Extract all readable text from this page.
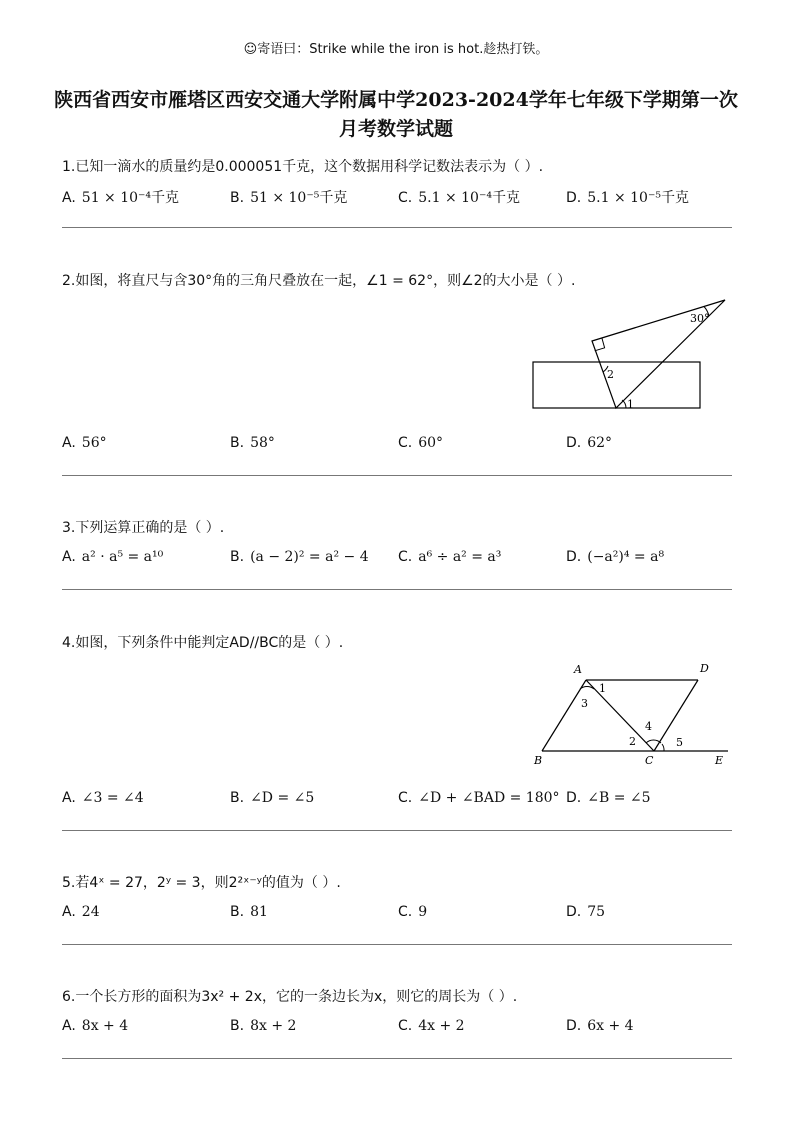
☺寄语曰：Strike while the iron is hot.趁热打铁。
陕西省西安市雁塔区西安交通大学附属中学2023-2024学年七年级下学期第一次
月考数学试题
1.已知一滴水的质量约是0.000051千克，这个数据用科学记数法表示为（ ）.
A. 51 × 10⁻⁴千克	B. 51 × 10⁻⁵千克	C. 5.1 × 10⁻⁴千克	D. 5.1 × 10⁻⁵千克
2.如图，将直尺与含30°角的三角尺叠放在一起，∠1 = 62°，则∠2的大小是（ ）.
30°
2
1
A. 56°	B. 58°	C. 60°	D. 62°
3.下列运算正确的是（ ）.
A. a² · a⁵ = a¹⁰	B. (a − 2)² = a² − 4 C. a⁶ ÷ a² = a³	D. (−a²)⁴ = a⁸
4.如图，下列条件中能判定AD//BC的是（ ）.
A	D
B	C	E
1
2
3
4
5
A. ∠3 = ∠4	B. ∠D = ∠5	C. ∠D + ∠BAD = 180° D. ∠B = ∠5
5.若4ˣ = 27，2ʸ = 3，则2²ˣ⁻ʸ的值为（ ）.
A. 24	B. 81	C. 9	D. 75
6.一个长方形的面积为3x² + 2x，它的一条边长为x，则它的周长为（ ）.
A. 8x + 4	B. 8x + 2	C. 4x + 2	D. 6x + 4
